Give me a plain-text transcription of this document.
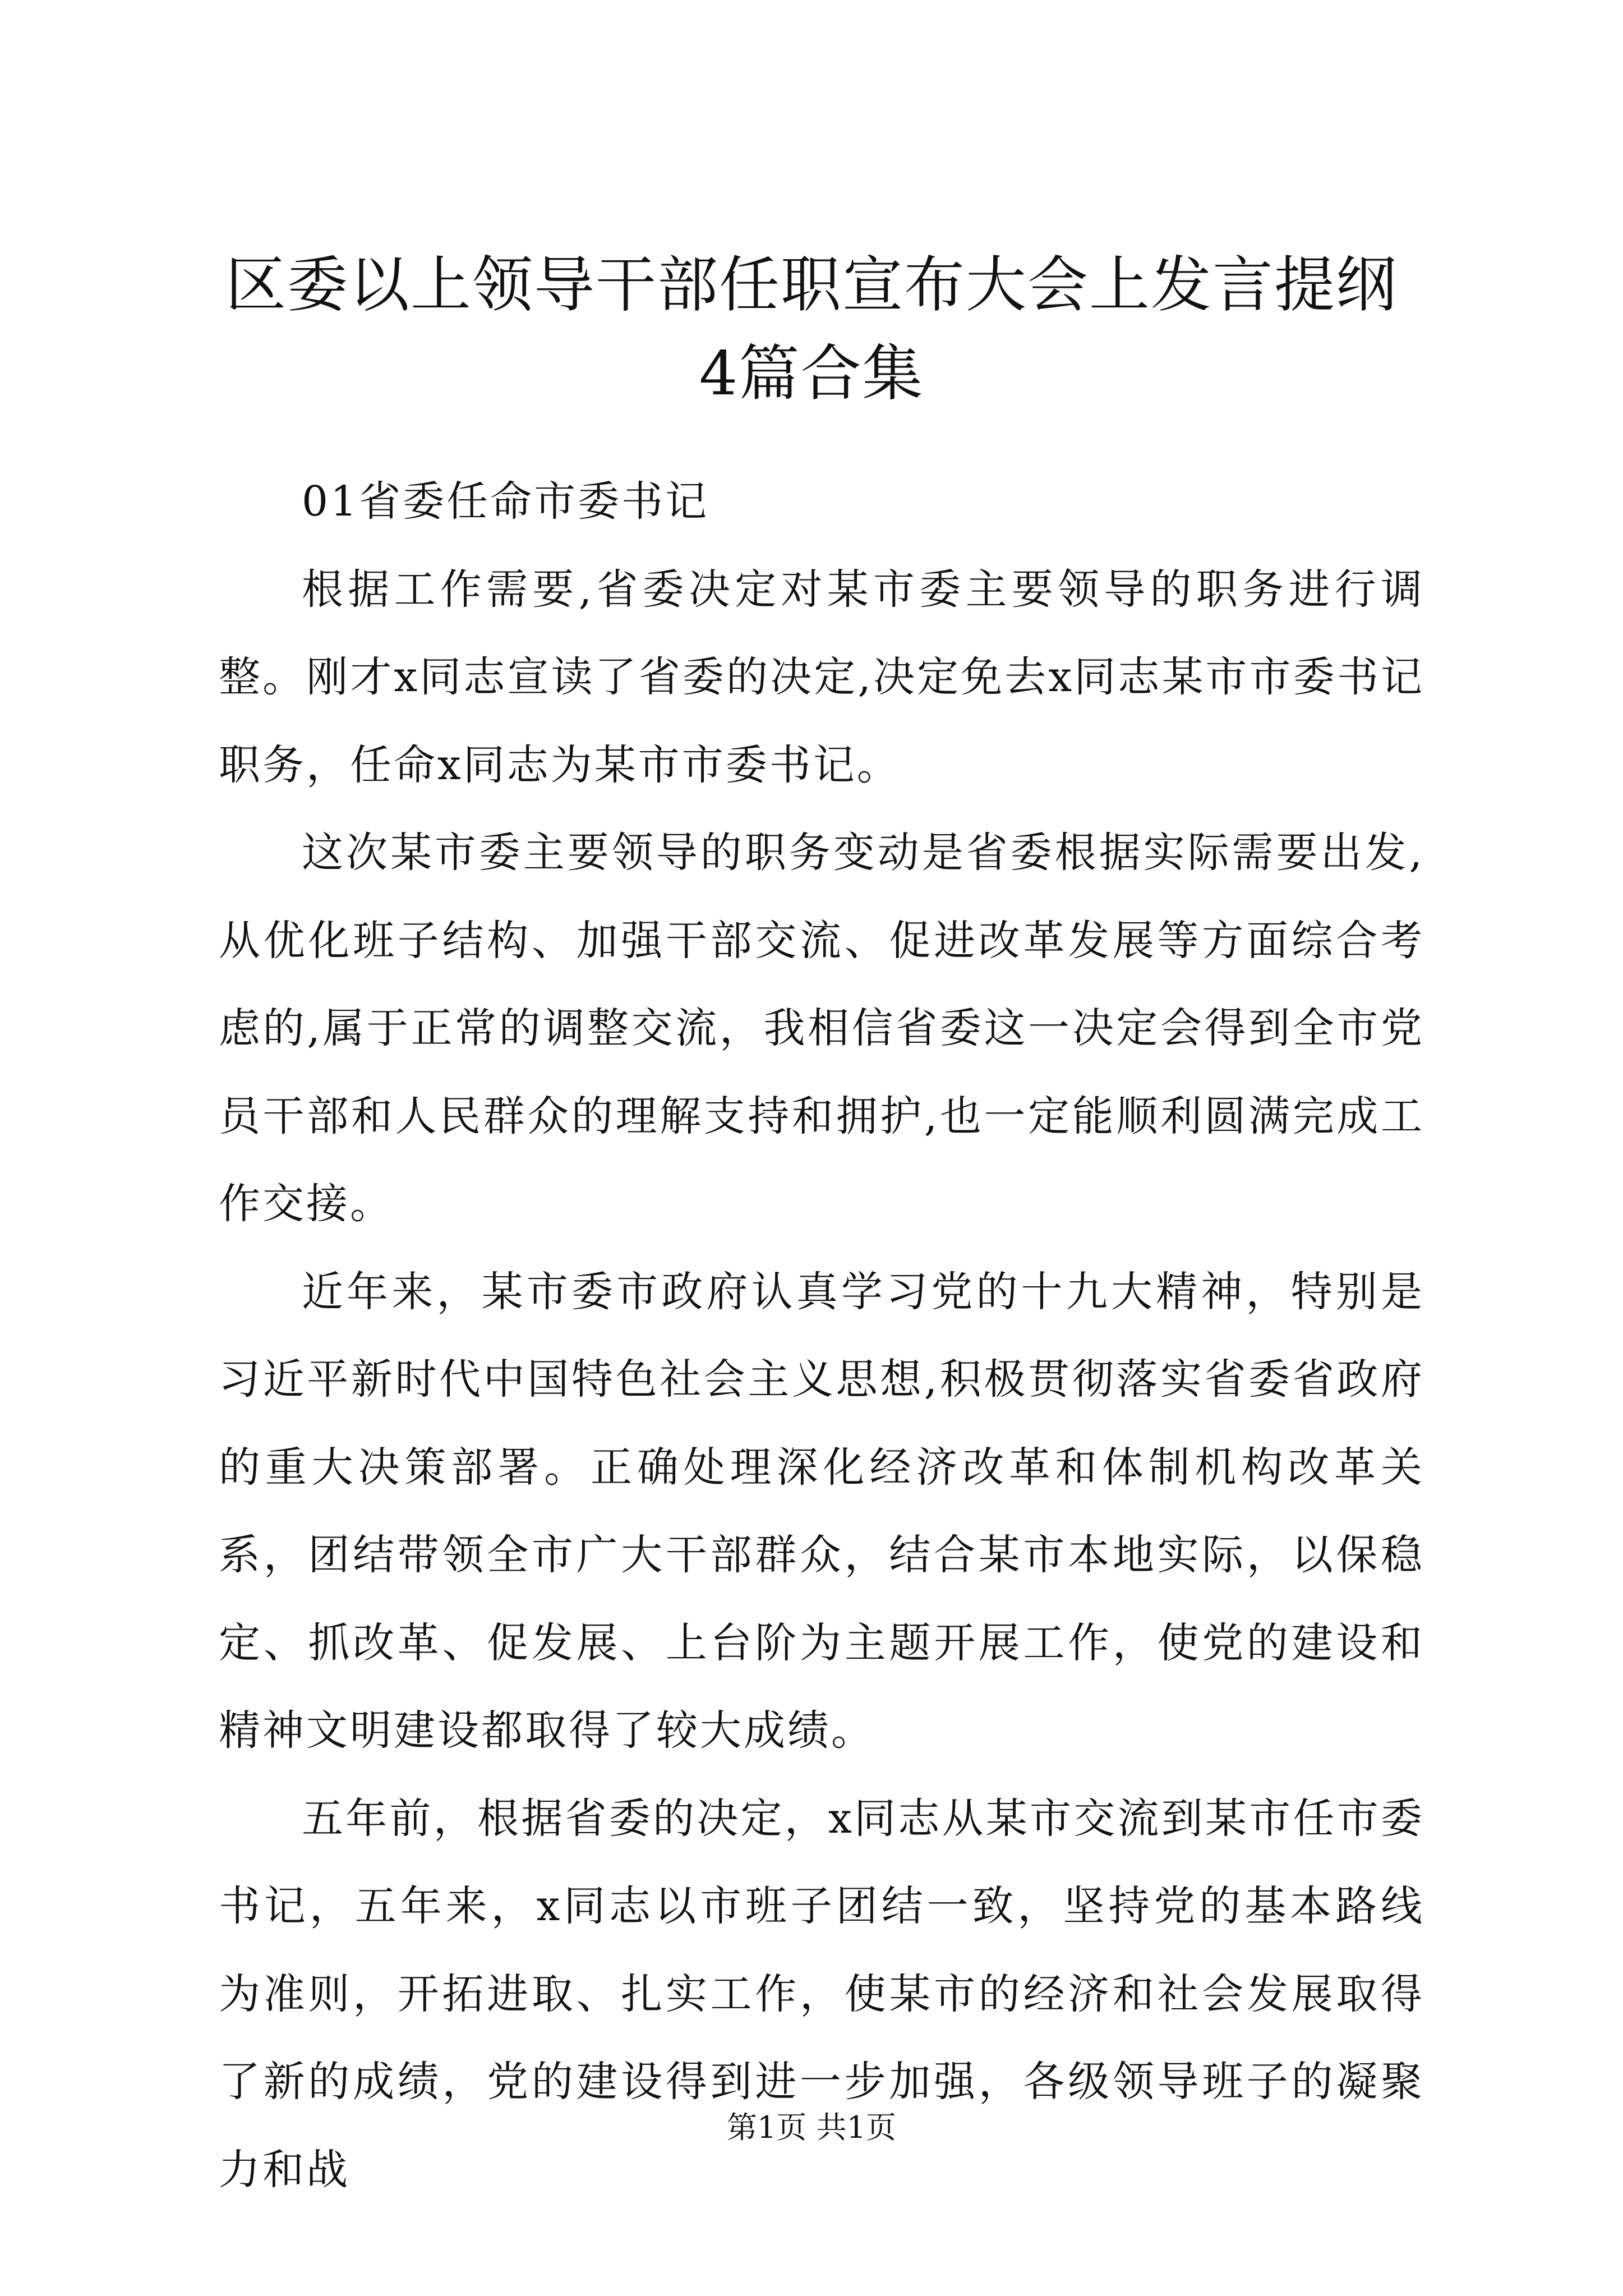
区委以上领导干部任职宣布大会上发言提纲4篇合集

01省委任命市委书记

根据工作需要,省委决定对某市委主要领导的职务进行调整。刚才x同志宣读了省委的决定,决定免去x同志某市市委书记职务，任命x同志为某市市委书记。

这次某市委主要领导的职务变动是省委根据实际需要出发,从优化班子结构、加强干部交流、促进改革发展等方面综合考虑的,属于正常的调整交流，我相信省委这一决定会得到全市党员干部和人民群众的理解支持和拥护,也一定能顺利圆满完成工作交接。

近年来，某市委市政府认真学习党的十九大精神，特别是习近平新时代中国特色社会主义思想,积极贯彻落实省委省政府的重大决策部署。正确处理深化经济改革和体制机构改革关系，团结带领全市广大干部群众，结合某市本地实际，以保稳定、抓改革、促发展、上台阶为主题开展工作，使党的建设和精神文明建设都取得了较大成绩。

五年前，根据省委的决定，x同志从某市交流到某市任市委书记，五年来，x同志以市班子团结一致，坚持党的基本路线为准则，开拓进取、扎实工作，使某市的经济和社会发展取得了新的成绩，党的建设得到进一步加强，各级领导班子的凝聚力和战

第1页 共1页
